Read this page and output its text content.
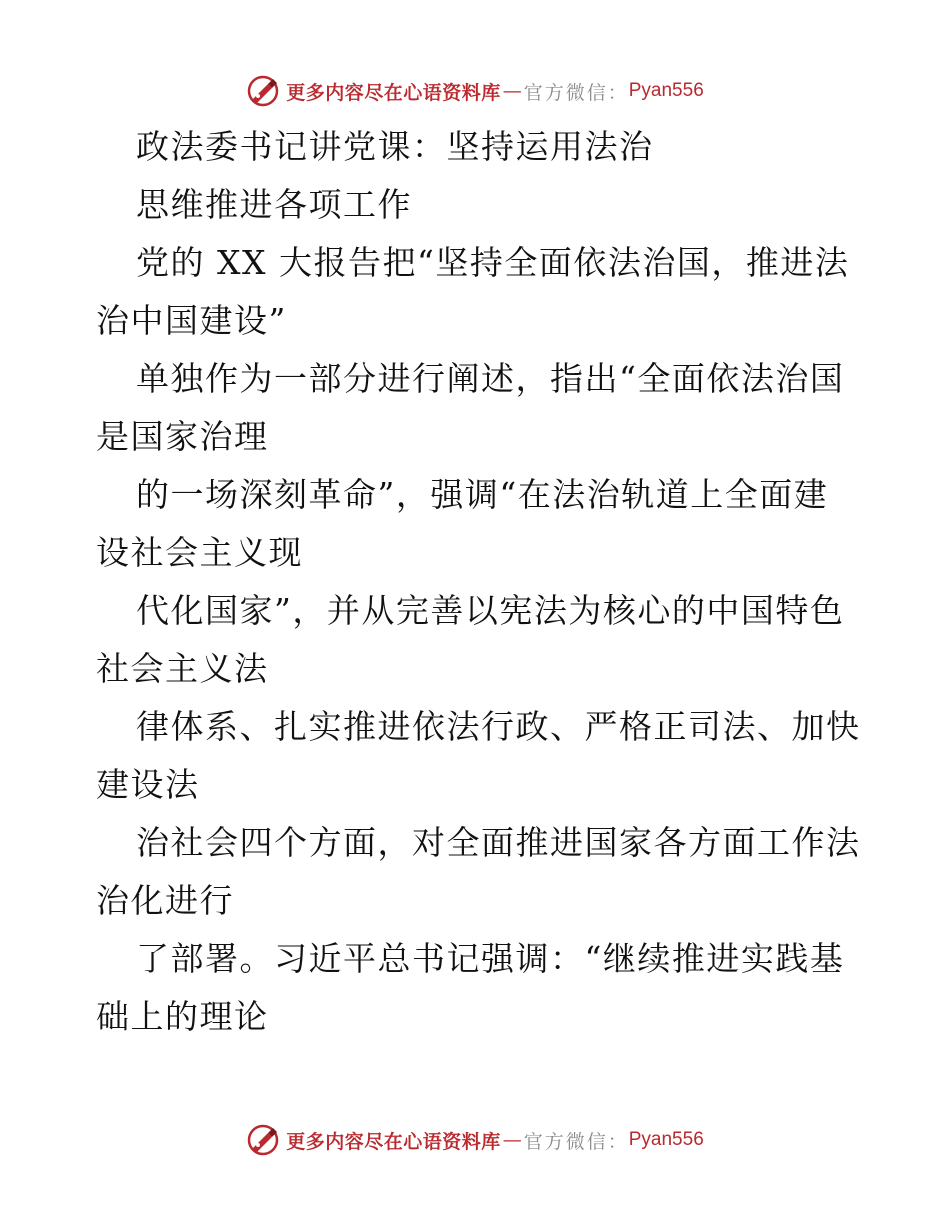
更多内容尽在心语资料库 — 官方微信： Pyan556
政法委书记讲党课：坚持运用法治
思维推进各项工作
党的 XX 大报告把“坚持全面依法治国，推进法
治中国建设”
单独作为一部分进行阐述，指出“全面依法治国
是国家治理
的一场深刻革命”，强调“在法治轨道上全面建
设社会主义现
代化国家”，并从完善以宪法为核心的中国特色
社会主义法
律体系、扎实推进依法行政、严格正司法、加快
建设法
治社会四个方面，对全面推进国家各方面工作法
治化进行
了部署。习近平总书记强调：“继续推进实践基
础上的理论
更多内容尽在心语资料库 — 官方微信： Pyan556
